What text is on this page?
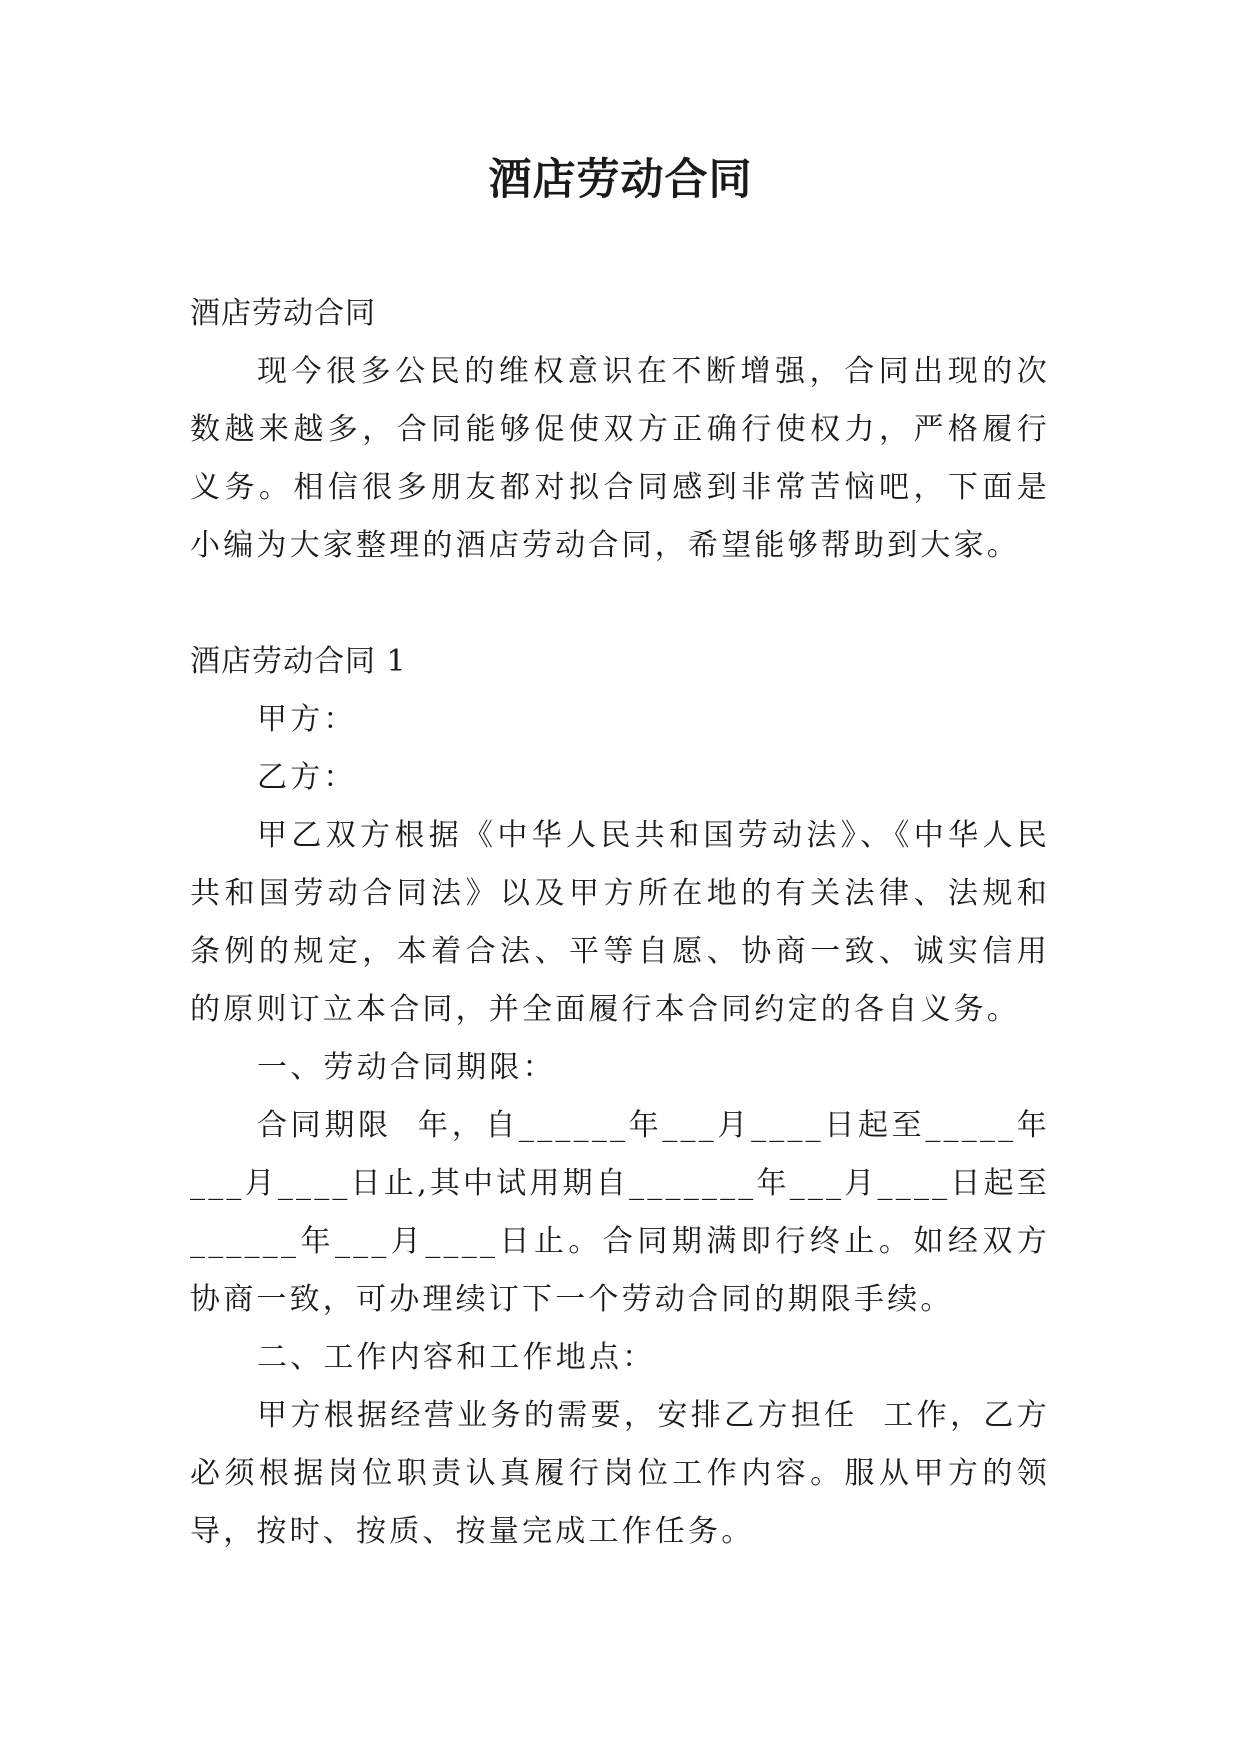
酒店劳动合同

酒店劳动合同

现今很多公民的维权意识在不断增强，合同出现的次数越来越多，合同能够促使双方正确行使权力，严格履行义务。相信很多朋友都对拟合同感到非常苦恼吧，下面是小编为大家整理的酒店劳动合同，希望能够帮助到大家。

酒店劳动合同 1

甲方：

乙方：

甲乙双方根据《中华人民共和国劳动法》、《中华人民共和国劳动合同法》以及甲方所在地的有关法律、法规和条例的规定，本着合法、平等自愿、协商一致、诚实信用的原则订立本合同，并全面履行本合同约定的各自义务。

一、劳动合同期限：

合同期限  年，自______年___月____日起至_____年___月____日止,其中试用期自_______年___月____日起至______年___月____日止。合同期满即行终止。如经双方协商一致，可办理续订下一个劳动合同的期限手续。

二、工作内容和工作地点：

甲方根据经营业务的需要，安排乙方担任  工作，乙方必须根据岗位职责认真履行岗位工作内容。服从甲方的领导，按时、按质、按量完成工作任务。
